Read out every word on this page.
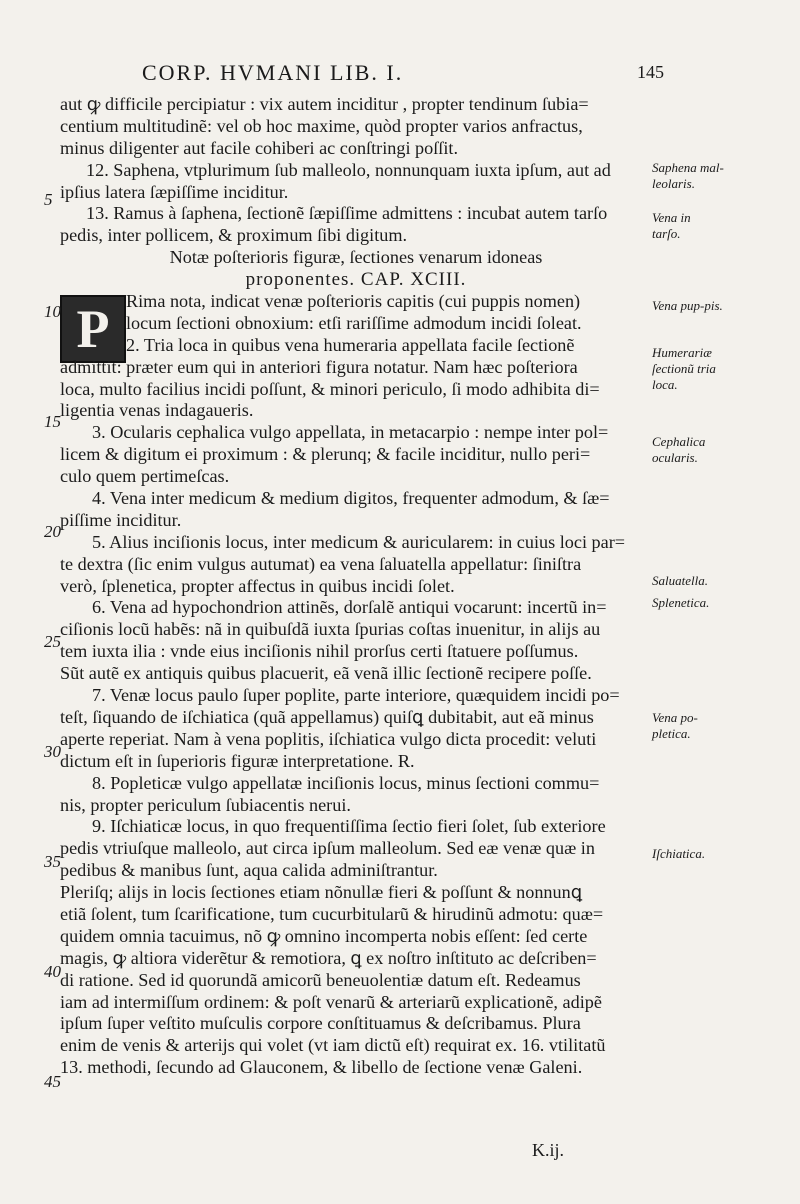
CORP. HVMANI LIB. I.	145
P
aut ꝙ difficile percipiatur : vix autem inciditur , propter tendinum ſubia=
centium multitudinẽ: vel ob hoc maxime, quòd propter varios anfractus,
minus diligenter aut facile cohiberi ac conſtringi poſſit.
12. Saphena, vtplurimum ſub malleolo, nonnunquam iuxta ipſum, aut ad
ipſius latera ſæpiſſime inciditur.
13. Ramus à ſaphena, ſectionẽ ſæpiſſime admittens : incubat autem tarſo
pedis, inter pollicem, & proximum ſibi digitum.
Notæ poſterioris figuræ, ſectiones venarum idoneas
proponentes. CAP. XCIII.
Rima nota, indicat venæ poſterioris capitis (cui puppis nomen)
locum ſectioni obnoxium: etſi rariſſime admodum incidi ſoleat.
2. Tria loca in quibus vena humeraria appellata facile ſectionẽ
admittit: præter eum qui in anteriori figura notatur. Nam hæc poſteriora
loca, multo facilius incidi poſſunt, & minori periculo, ſi modo adhibita di=
ligentia venas indagaueris.
3. Ocularis cephalica vulgo appellata, in metacarpio : nempe inter pol=
licem & digitum ei proximum : & plerunq; & facile inciditur, nullo peri=
culo quem pertimeſcas.
4. Vena inter medicum & medium digitos, frequenter admodum, & ſæ=
piſſime inciditur.
5. Alius inciſionis locus, inter medicum & auricularem: in cuius loci par=
te dextra (ſic enim vulgus autumat) ea vena ſaluatella appellatur: ſiniſtra
verò, ſplenetica, propter affectus in quibus incidi ſolet.
6. Vena ad hypochondrion attinẽs, dorſalẽ antiqui vocarunt: incertũ in=
ciſionis locũ habẽs: nã in quibuſdã iuxta ſpurias coſtas inuenitur, in alijs au
tem iuxta ilia : vnde eius inciſionis nihil prorſus certi ſtatuere poſſumus.
Sũt autẽ ex antiquis quibus placuerit, eã venã illic ſectionẽ recipere poſſe.
7. Venæ locus paulo ſuper poplite, parte interiore, quæquidem incidi po=
teſt, ſiquando de iſchiatica (quã appellamus) quiſꝗ dubitabit, aut eã minus
aperte reperiat. Nam à vena poplitis, iſchiatica vulgo dicta procedit: veluti
dictum eſt in ſuperioris figuræ interpretatione. R.
8. Popleticæ vulgo appellatæ inciſionis locus, minus ſectioni commu=
nis, propter periculum ſubiacentis nerui.
9. Iſchiaticæ locus, in quo frequentiſſima ſectio fieri ſolet, ſub exteriore
pedis vtriuſque malleolo, aut circa ipſum malleolum. Sed eæ venæ quæ in
pedibus & manibus ſunt, aqua calida adminiſtrantur.
Pleriſq; alijs in locis ſectiones etiam nõnullæ fieri & poſſunt & nonnunꝗ
etiã ſolent, tum ſcarificatione, tum cucurbitularũ & hirudinũ admotu: quæ=
quidem omnia tacuimus, nõ ꝙ omnino incomperta nobis eſſent: ſed certe
magis, ꝙ altiora viderẽtur & remotiora, ꝗ ex noſtro inſtituto ac deſcriben=
di ratione. Sed id quorundã amicorũ beneuolentiæ datum eſt. Redeamus
iam ad intermiſſum ordinem: & poſt venarũ & arteriarũ explicationẽ, adipẽ
ipſum ſuper veſtito muſculis corpore conſtituamus & deſcribamus. Plura
enim de venis & arterijs qui volet (vt iam dictũ eſt) requirat ex. 16. vtilitatũ
13. methodi, ſecundo ad Glauconem, & libello de ſectione venæ Galeni.
5
10
15
20
25
30
35
40
45
Saphena mal-leolaris.
Vena in tarſo.
Vena pup-pis.
Humerariæ ſectionũ tria loca.
Cephalica ocularis.
Saluatella.
Splenetica.
Vena po-pletica.
Iſchiatica.
K.ij.
